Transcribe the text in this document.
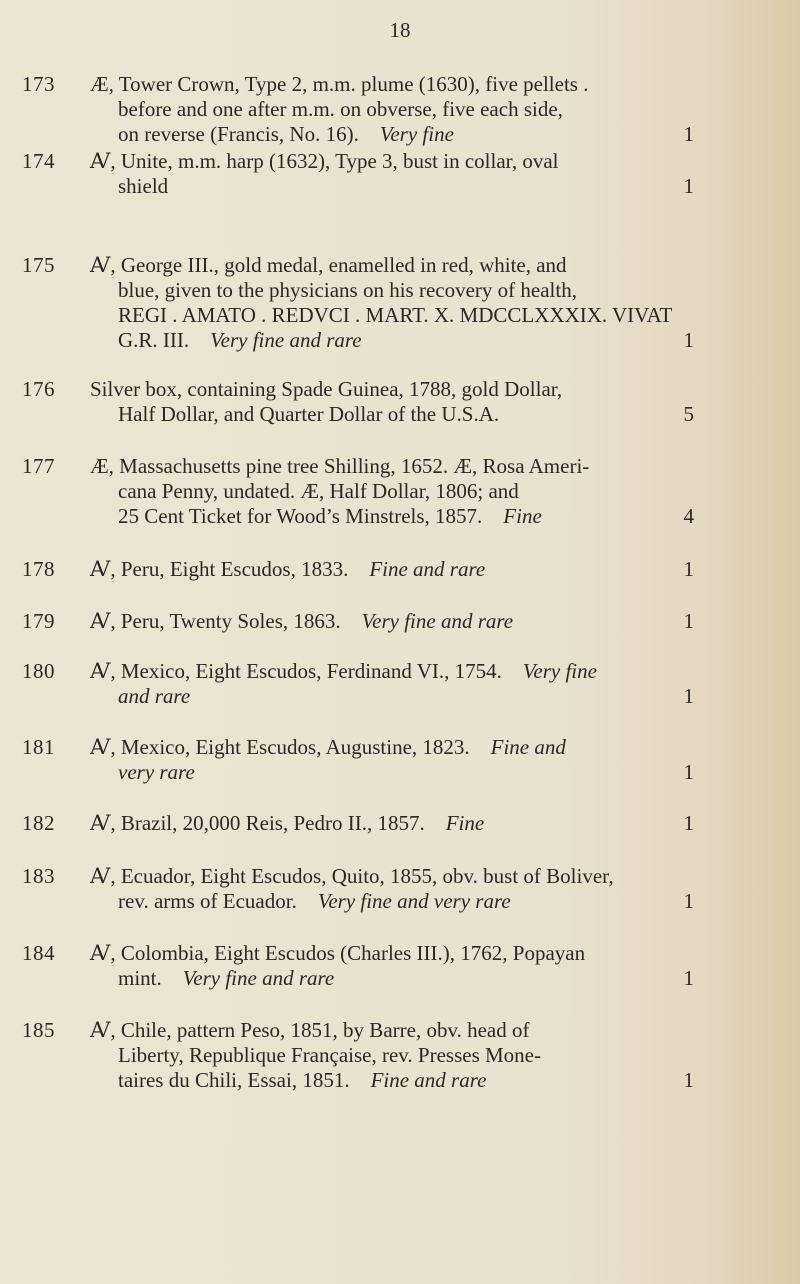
18
173	Æ, Tower Crown, Type 2, m.m. plume (1630), five pellets .
before and one after m.m. on obverse, five each side,
on reverse (Francis, No. 16). Very fine	1
174	Ꜹ, Unite, m.m. harp (1632), Type 3, bust in collar, oval
shield	1
175	Ꜹ, George III., gold medal, enamelled in red, white, and
blue, given to the physicians on his recovery of health,
REGI . AMATO . REDVCI . MART. X. MDCCLXXXIX. VIVAT
G.R. III. Very fine and rare	1
176	Silver box, containing Spade Guinea, 1788, gold Dollar,
Half Dollar, and Quarter Dollar of the U.S.A.	5
177	Æ, Massachusetts pine tree Shilling, 1652. Æ, Rosa Ameri-
cana Penny, undated. Æ, Half Dollar, 1806; and
25 Cent Ticket for Wood’s Minstrels, 1857. Fine	4
178	Ꜹ, Peru, Eight Escudos, 1833. Fine and rare	1
179	Ꜹ, Peru, Twenty Soles, 1863. Very fine and rare	1
180	Ꜹ, Mexico, Eight Escudos, Ferdinand VI., 1754. Very fine
and rare	1
181	Ꜹ, Mexico, Eight Escudos, Augustine, 1823. Fine and
very rare	1
182	Ꜹ, Brazil, 20,000 Reis, Pedro II., 1857. Fine	1
183	Ꜹ, Ecuador, Eight Escudos, Quito, 1855, obv. bust of Boliver,
rev. arms of Ecuador. Very fine and very rare	1
184	Ꜹ, Colombia, Eight Escudos (Charles III.), 1762, Popayan
mint. Very fine and rare	1
185	Ꜹ, Chile, pattern Peso, 1851, by Barre, obv. head of
Liberty, Republique Française, rev. Presses Mone-
taires du Chili, Essai, 1851. Fine and rare	1
